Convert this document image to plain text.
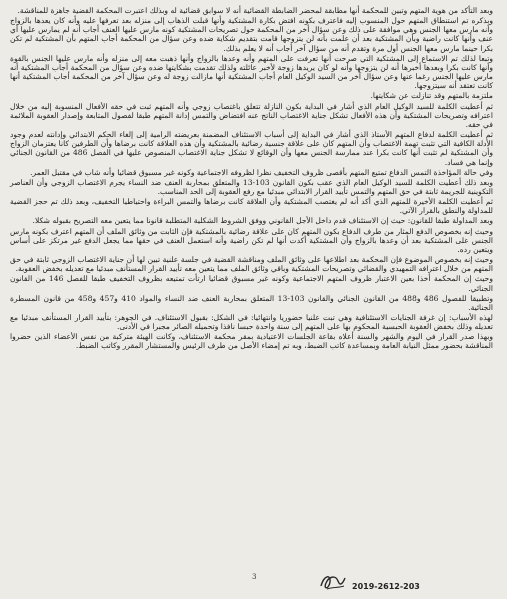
وبعد التأكد من هوية المتهم وتبين للمحكمة أنها مطابقة لمحضر الضابطة القضائية أنه لا سوابق قضائية له وبذلك اعتبرت المحكمة القضية جاهزة للمناقشة.

وبذكره تم استنطاق المتهم حول المنسوب إليه فاعترف بكونه افتض بكارة المشتكية وأنها قبلت الذهاب إلى منزله بعد تعرفها عليه وأنه كان يعدها بالزواج وأنه مارس معها الجنس وهي موافقة على ذلك وعن سؤال أخر من المحكمة حول تصريحات المشتكية كونه مارس عليها العنف أجاب أنه لم يمارس عليها أي عنف وأنها كانت راضية وبأن المشتكية بعد أن علمت بأنه لن يتزوجها قامت بتقديم شكاية ضده وعن سؤال من المحكمة أجاب المتهم بأن المشتكية لم تكن بكرا حينما مارس معها الجنس أول مرة وتقدم أنه من سؤال آخر أجاب أنه لا يعلم بذلك.

وتبعا لذلك تم الاستماع إلى المشتكية التي صرحت أنها تعرفت على المتهم وأنه وعدها بالزواج وأنها ذهبت معه إلى منزله وأنه مارس عليها الجنس بالقوة وأنها كانت بكرا وبعدها أخبرها أنه لن يتزوجها وأنه لو كان يريدها زوجة لأخبر عائلته ولذلك تقدمت بشكايتها ضده وعن سؤال من المحكمة أجاب المشتكية أنه مارس عليها الجنس رغما عنها وعن سؤال آخر من السيد الوكيل العام أجاب المشتكية أنها مازالت زوجة له وعن سؤال آخر من المحكمة أجاب المشتكية أنها كانت تعتقد أنه سيتزوجها.

ملتزمة بالمتهم وقد تنازلت عن شكايتها.

ثم أعطيت الكلمة للسيد الوكيل العام الذي أشار في البداية بكون النازلة تتعلق باغتصاب زوجي وأنه المتهم ثبت في حقه الأفعال المنسوبة إليه من خلال اعترافه وتصريحات المشتكية وأن هذه الأفعال تشكل جناية الاغتصاب الناتج عنه افتضاض والتمس إدانة المتهم طبقا لفصول المتابعة وإصدار العقوبة الملائمة في حقه.

ثم أعطيت الكلمة لدفاع المتهم الأستاذ الذي أشار في البداية إلى أسباب الاستئناف المضمنة بعريضته الرامية إلى إلغاء الحكم الابتدائي وإدانته لعدم وجود الأدلة الكافية التي تثبت تهمة الاغتصاب وأن المتهم كان على علاقة جنسية رضائية بالمشتكية وأن هذه العلاقة كانت برضاها وأن الطرفين كانا يعتزمان الزواج وأن المشتكية لم تثبت أنها كانت بكرا عند ممارسة الجنس معها وأن الوقائع لا تشكل جناية الاغتصاب المنصوص عليها في الفصل 486 من القانون الجنائي وإنما هي فساد.

وفي حالة المؤاخذة التمس الدفاع تمتيع المتهم بأقصى ظروف التخفيف نظرا لظروفه الاجتماعية وكونه غير مسبوق قضائيا وأنه شاب في مقتبل العمر.

وبعد ذلك أعطيت الكلمة للسيد الوكيل العام الذي عقب بكون القانون 103-13 والمتعلق بمحاربة العنف ضد النساء يجرم الاغتصاب الزوجي وأن العناصر التكوينية للجريمة ثابتة في حق المتهم والتمس تأييد القرار الابتدائي مبدئيا مع رفع العقوبة إلى الحد المناسب.

ثم أعطيت الكلمة الأخيرة للمتهم الذي أكد أنه لم يغتصب المشتكية وأن العلاقة كانت برضاها والتمس البراءة واحتياطيا التخفيف، وبعد ذلك تم حجز القضية للمداولة والنطق بالقرار الآتي.

وبعد المداولة طبقا للقانون: حيث إن الاستئناف قدم داخل الأجل القانوني ووفق الشروط الشكلية المتطلبة قانونا مما يتعين معه التصريح بقبوله شكلا.

وحيث إنه بخصوص الدفع المثار من طرف الدفاع بكون المتهم كان على علاقة رضائية بالمشتكية فإن الثابت من وثائق الملف أن المتهم اعترف بكونه مارس الجنس على المشتكية بعد أن وعدها بالزواج وأن المشتكية أكدت أنها لم تكن راضية وأنه استعمل العنف في حقها مما يجعل الدفع غير مرتكز على أساس ويتعين رده.

وحيث إنه بخصوص الموضوع فإن المحكمة بعد اطلاعها على وثائق الملف ومناقشة القضية في جلسة علنية تبين لها أن جناية الاغتصاب الزوجي ثابتة في حق المتهم من خلال اعترافه التمهيدي والقضائي وتصريحات المشتكية وباقي وثائق الملف مما يتعين معه تأييد القرار المستأنف مبدئيا مع تعديله بخفض العقوبة.

وحيث إن المحكمة أخذا بعين الاعتبار ظروف المتهم الاجتماعية وكونه غير مسبوق قضائيا ارتأت تمتيعه بظروف التخفيف طبقا للفصل 146 من القانون الجنائي.

وتطبيقا للفصول 486 و488 من القانون الجنائي والقانون 103-13 المتعلق بمحاربة العنف ضد النساء والمواد 410 و457 و458 من قانون المسطرة الجنائية.

لهذه الأسباب: إن غرفة الجنايات الاستئنافية وهي تبت علنيا حضوريا وانتهائيا: في الشكل: بقبول الاستئناف. في الجوهر: بتأييد القرار المستأنف مبدئيا مع تعديله وذلك بخفض العقوبة الحبسية المحكوم بها على المتهم إلى سنة واحدة حبسا نافذا وتحميله الصائر مجبرا في الأدنى.

وبهذا صدر القرار في اليوم والشهر والسنة أعلاه بقاعة الجلسات الاعتيادية بمقر محكمة الاستئناف، وكانت الهيئة متركبة من نفس الأعضاء الذين حضروا المناقشة بحضور ممثل النيابة العامة وبمساعدة كاتب الضبط، وبه تم إمضاء الأصل من طرف الرئيس والمستشار المقرر وكاتب الضبط.

3
2019-2612-203
